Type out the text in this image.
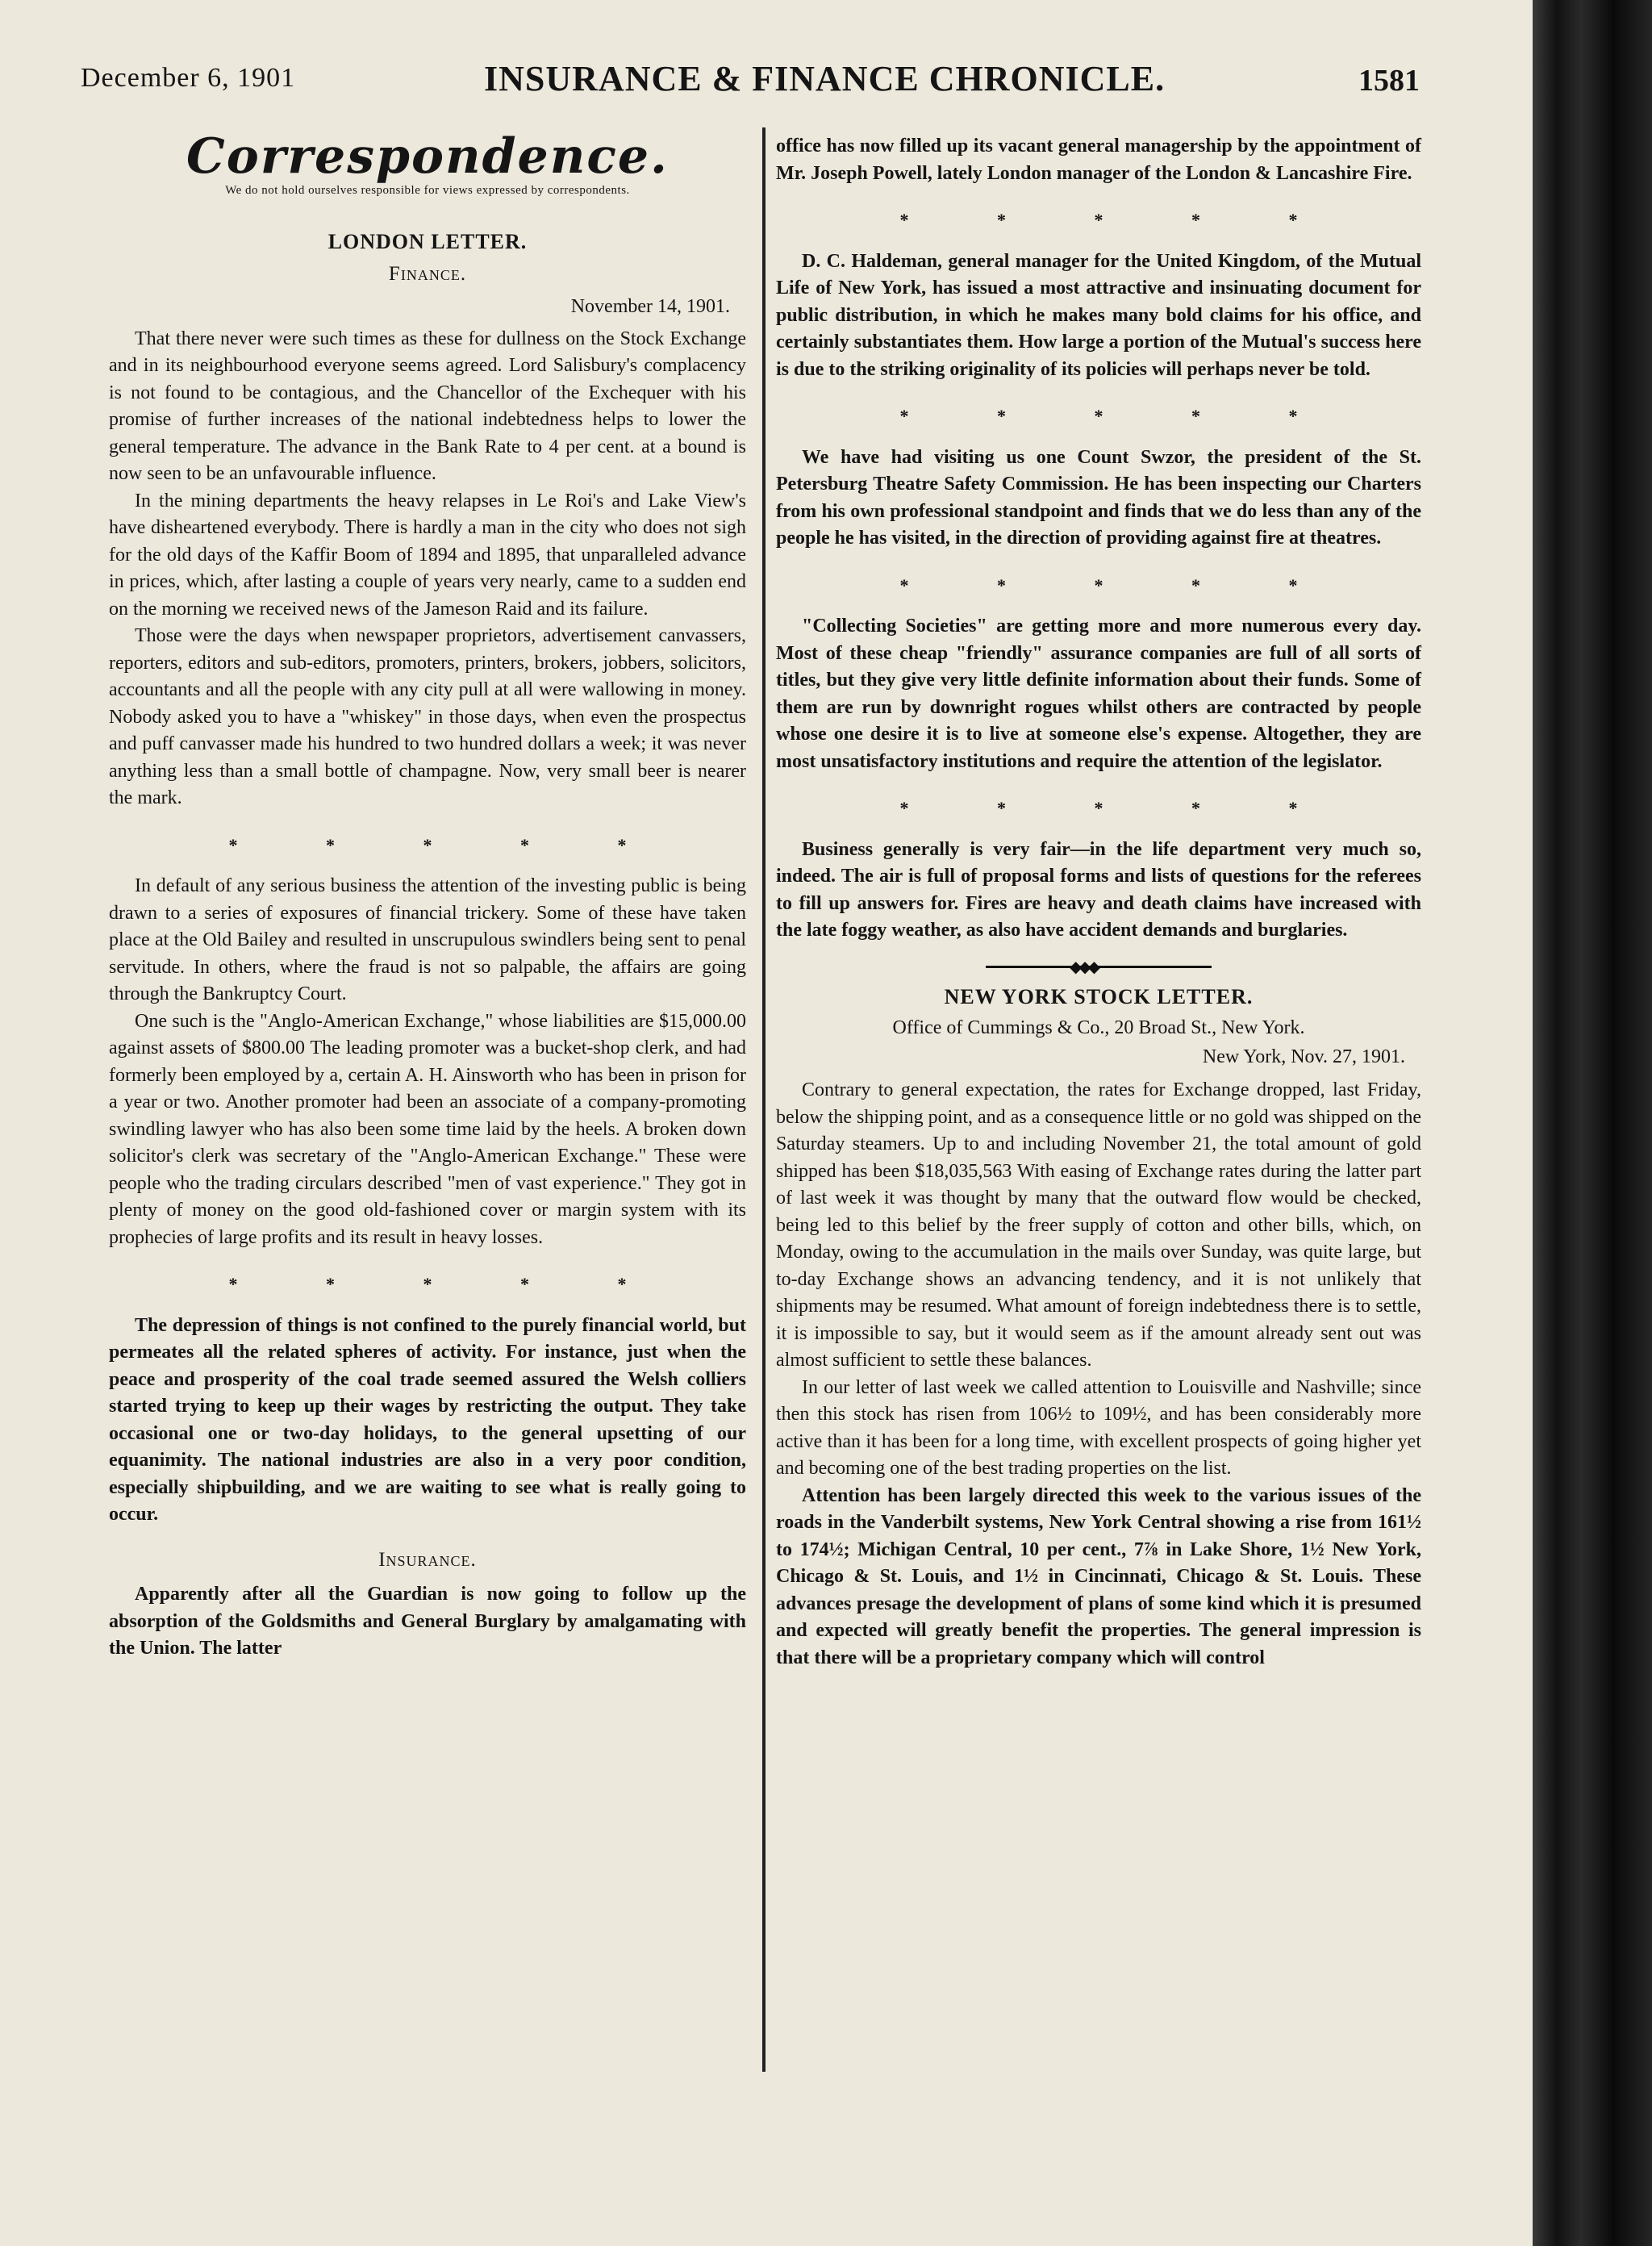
December 6, 1901	INSURANCE & FINANCE CHRONICLE.	1581
Correspondence.
We do not hold ourselves responsible for views expressed by correspondents.
LONDON LETTER.
Finance.
November 14, 1901.

That there never were such times as these for dullness on the Stock Exchange and in its neighbourhood everyone seems agreed. Lord Salisbury's complacency is not found to be contagious, and the Chancellor of the Exchequer with his promise of further increases of the national indebtedness helps to lower the general temperature. The advance in the Bank Rate to 4 per cent. at a bound is now seen to be an unfavourable influence.

In the mining departments the heavy relapses in Le Roi's and Lake View's have disheartened everybody. There is hardly a man in the city who does not sigh for the old days of the Kaffir Boom of 1894 and 1895, that unparalleled advance in prices, which, after lasting a couple of years very nearly, came to a sudden end on the morning we received news of the Jameson Raid and its failure.

Those were the days when newspaper proprietors, advertisement canvassers, reporters, editors and sub-editors, promoters, printers, brokers, jobbers, solicitors, accountants and all the people with any city pull at all were wallowing in money. Nobody asked you to have a "whiskey" in those days, when even the prospectus and puff canvasser made his hundred to two hundred dollars a week; it was never anything less than a small bottle of champagne. Now, very small beer is nearer the mark.

* * * * *

In default of any serious business the attention of the investing public is being drawn to a series of exposures of financial trickery. Some of these have taken place at the Old Bailey and resulted in unscrupulous swindlers being sent to penal servitude. In others, where the fraud is not so palpable, the affairs are going through the Bankruptcy Court.

One such is the "Anglo-American Exchange," whose liabilities are $15,000.00 against assets of $800.00 The leading promoter was a bucket-shop clerk, and had formerly been employed by a, certain A. H. Ainsworth who has been in prison for a year or two. Another promoter had been an associate of a company-promoting swindling lawyer who has also been some time laid by the heels. A broken down solicitor's clerk was secretary of the "Anglo-American Exchange." These were people who the trading circulars described "men of vast experience." They got in plenty of money on the good old-fashioned cover or margin system with its prophecies of large profits and its result in heavy losses.

* * * * *

The depression of things is not confined to the purely financial world, but permeates all the related spheres of activity. For instance, just when the peace and prosperity of the coal trade seemed assured the Welsh colliers started trying to keep up their wages by restricting the output. They take occasional one or two-day holidays, to the general upsetting of our equanimity. The national industries are also in a very poor condition, especially shipbuilding, and we are waiting to see what is really going to occur.

Insurance.

Apparently after all the Guardian is now going to follow up the absorption of the Goldsmiths and General Burglary by amalgamating with the Union. The latter

office has now filled up its vacant general managership by the appointment of Mr. Joseph Powell, lately London manager of the London & Lancashire Fire.

* * * * *

D. C. Haldeman, general manager for the United Kingdom, of the Mutual Life of New York, has issued a most attractive and insinuating document for public distribution, in which he makes many bold claims for his office, and certainly substantiates them. How large a portion of the Mutual's success here is due to the striking originality of its policies will perhaps never be told.

* * * * *

We have had visiting us one Count Swzor, the president of the St. Petersburg Theatre Safety Commission. He has been inspecting our Charters from his own professional standpoint and finds that we do less than any of the people he has visited, in the direction of providing against fire at theatres.

* * * * *

"Collecting Societies" are getting more and more numerous every day. Most of these cheap "friendly" assurance companies are full of all sorts of titles, but they give very little definite information about their funds. Some of them are run by downright rogues whilst others are contracted by people whose one desire it is to live at someone else's expense. Altogether, they are most unsatisfactory institutions and require the attention of the legislator.

* * * * *

Business generally is very fair—in the life department very much so, indeed. The air is full of proposal forms and lists of questions for the referees to fill up answers for. Fires are heavy and death claims have increased with the late foggy weather, as also have accident demands and burglaries.

◆◆◆
NEW YORK STOCK LETTER.
Office of Cummings & Co., 20 Broad St., New York.
New York, Nov. 27, 1901.

Contrary to general expectation, the rates for Exchange dropped, last Friday, below the shipping point, and as a consequence little or no gold was shipped on the Saturday steamers. Up to and including November 21, the total amount of gold shipped has been $18,035,563 With easing of Exchange rates during the latter part of last week it was thought by many that the outward flow would be checked, being led to this belief by the freer supply of cotton and other bills, which, on Monday, owing to the accumulation in the mails over Sunday, was quite large, but to-day Exchange shows an advancing tendency, and it is not unlikely that shipments may be resumed. What amount of foreign indebtedness there is to settle, it is impossible to say, but it would seem as if the amount already sent out was almost sufficient to settle these balances.

In our letter of last week we called attention to Louisville and Nashville; since then this stock has risen from 106½ to 109½, and has been considerably more active than it has been for a long time, with excellent prospects of going higher yet and becoming one of the best trading properties on the list.

Attention has been largely directed this week to the various issues of the roads in the Vanderbilt systems, New York Central showing a rise from 161½ to 174½; Michigan Central, 10 per cent., 7⅞ in Lake Shore, 1½ New York, Chicago & St. Louis, and 1½ in Cincinnati, Chicago & St. Louis. These advances presage the development of plans of some kind which it is presumed and expected will greatly benefit the properties. The general impression is that there will be a proprietary company which will control
